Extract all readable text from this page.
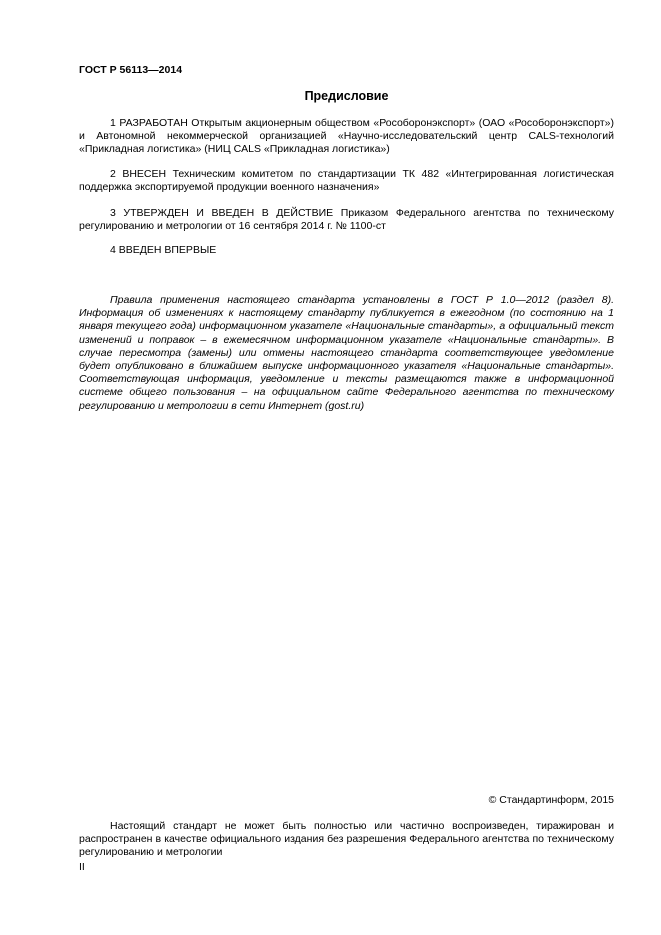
ГОСТ Р 56113—2014

Предисловие

1 РАЗРАБОТАН Открытым акционерным обществом «Рособоронэкспорт» (ОАО «Рособоронэкспорт») и Автономной некоммерческой организацией «Научно-исследовательский центр CALS-технологий «Прикладная логистика» (НИЦ CALS «Прикладная логистика»)

2 ВНЕСЕН Техническим комитетом по стандартизации ТК 482 «Интегрированная логистическая поддержка экспортируемой продукции военного назначения»

3 УТВЕРЖДЕН И ВВЕДЕН В ДЕЙСТВИЕ Приказом Федерального агентства по техническому регулированию и метрологии от 16 сентября 2014 г. № 1100-ст

4 ВВЕДЕН ВПЕРВЫЕ

Правила применения настоящего стандарта установлены в ГОСТ Р 1.0—2012 (раздел 8). Информация об изменениях к настоящему стандарту публикуется в ежегодном (по состоянию на 1 января текущего года) информационном указателе «Национальные стандарты», а официальный текст изменений и поправок – в ежемесячном информационном указателе «Национальные стандарты». В случае пересмотра (замены) или отмены настоящего стандарта соответствующее уведомление будет опубликовано в ближайшем выпуске информационного указателя «Национальные стандарты». Соответствующая информация, уведомление и тексты размещаются также в информационной системе общего пользования – на официальном сайте Федерального агентства по техническому регулированию и метрологии в сети Интернет (gost.ru)

© Стандартинформ, 2015

Настоящий стандарт не может быть полностью или частично воспроизведен, тиражирован и распространен в качестве официального издания без разрешения Федерального агентства по техническому регулированию и метрологии

II
